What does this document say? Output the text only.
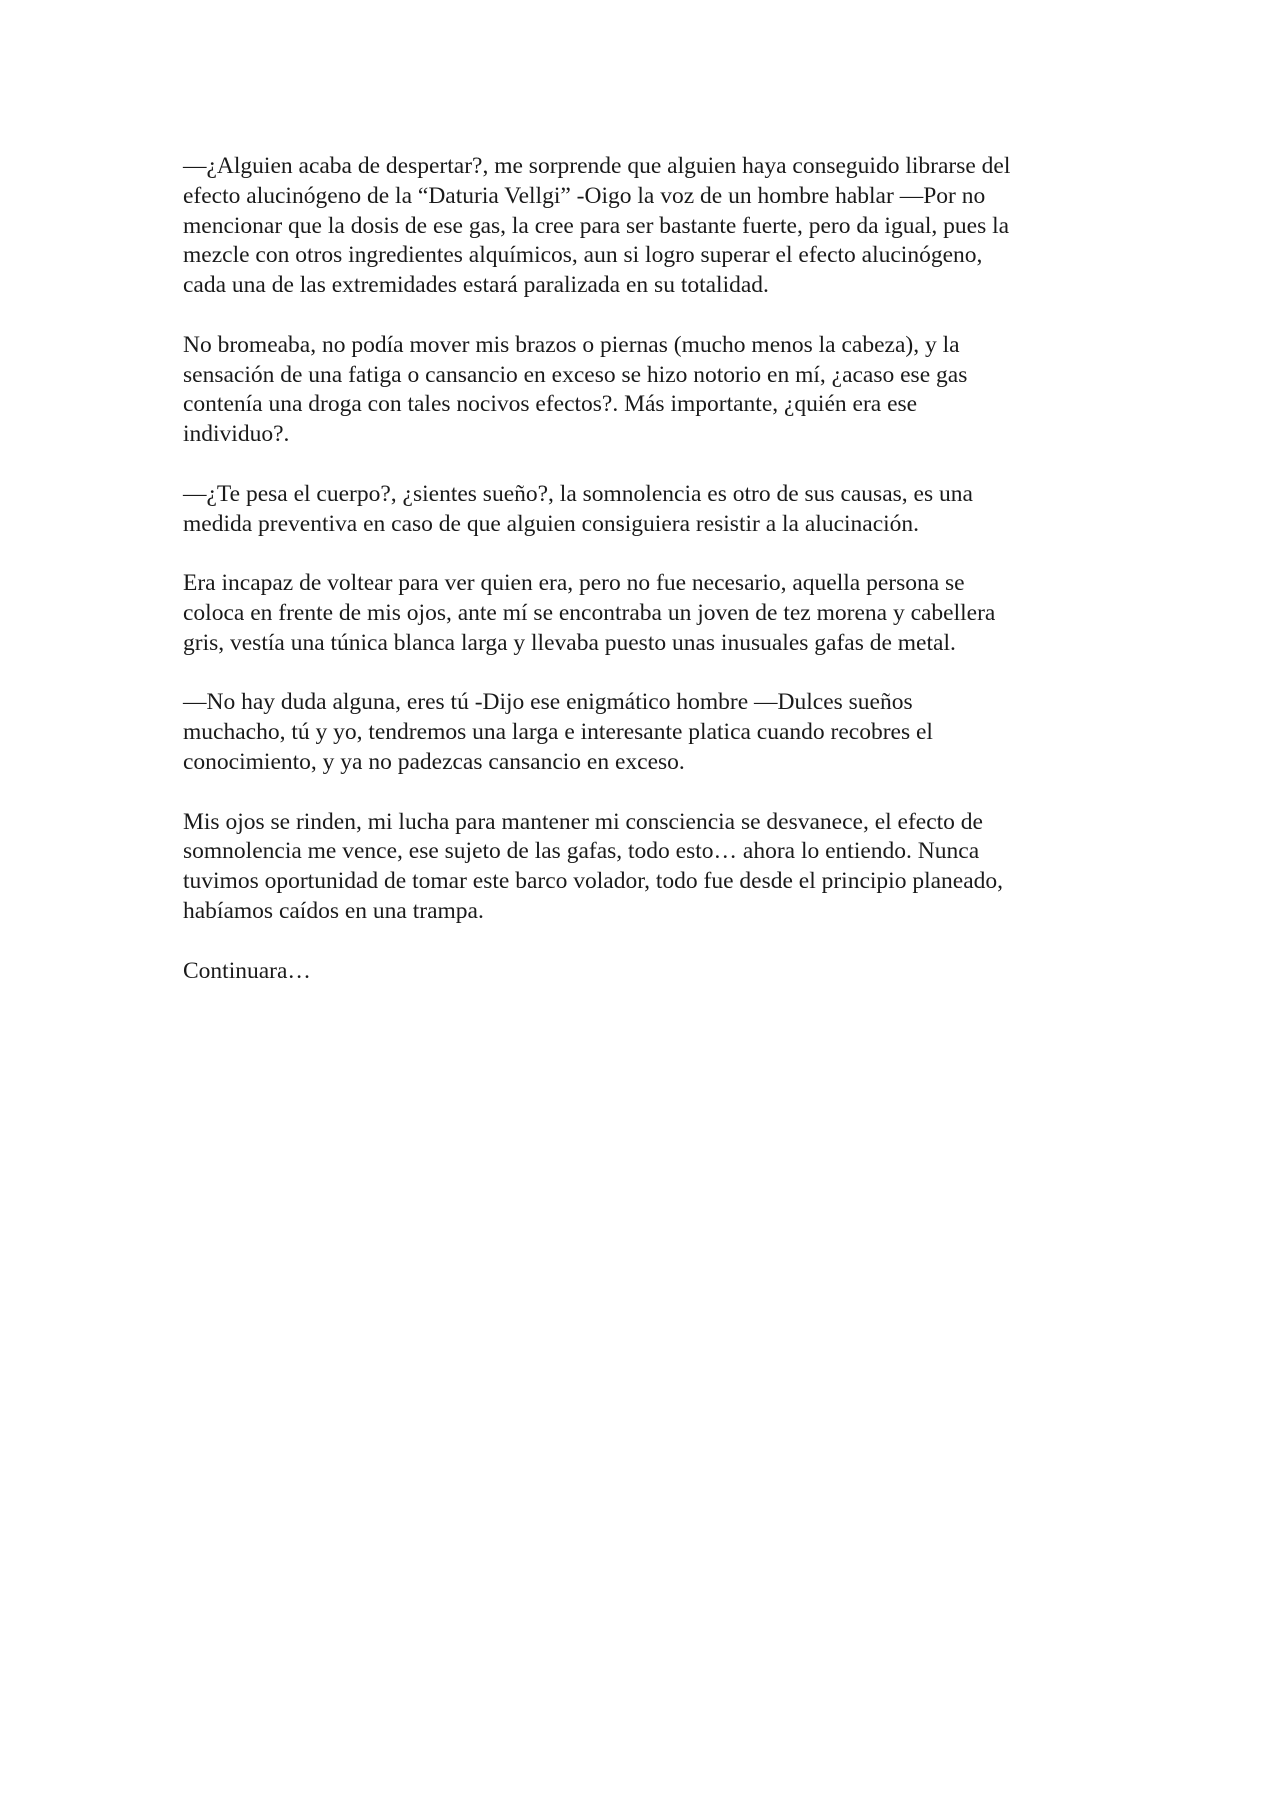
—¿Alguien acaba de despertar?, me sorprende que alguien haya conseguido librarse del
efecto alucinógeno de la “Daturia Vellgi” -Oigo la voz de un hombre hablar —Por no
mencionar que la dosis de ese gas, la cree para ser bastante fuerte, pero da igual, pues la
mezcle con otros ingredientes alquímicos, aun si logro superar el efecto alucinógeno,
cada una de las extremidades estará paralizada en su totalidad.

No bromeaba, no podía mover mis brazos o piernas (mucho menos la cabeza), y la
sensación de una fatiga o cansancio en exceso se hizo notorio en mí, ¿acaso ese gas
contenía una droga con tales nocivos efectos?. Más importante, ¿quién era ese
individuo?.

—¿Te pesa el cuerpo?, ¿sientes sueño?, la somnolencia es otro de sus causas, es una
medida preventiva en caso de que alguien consiguiera resistir a la alucinación.

Era incapaz de voltear para ver quien era, pero no fue necesario, aquella persona se
coloca en frente de mis ojos, ante mí se encontraba un joven de tez morena y cabellera
gris, vestía una túnica blanca larga y llevaba puesto unas inusuales gafas de metal.

—No hay duda alguna, eres tú -Dijo ese enigmático hombre —Dulces sueños
muchacho, tú y yo, tendremos una larga e interesante platica cuando recobres el
conocimiento, y ya no padezcas cansancio en exceso.

Mis ojos se rinden, mi lucha para mantener mi consciencia se desvanece, el efecto de
somnolencia me vence, ese sujeto de las gafas, todo esto… ahora lo entiendo. Nunca
tuvimos oportunidad de tomar este barco volador, todo fue desde el principio planeado,
habíamos caídos en una trampa.

Continuara…
